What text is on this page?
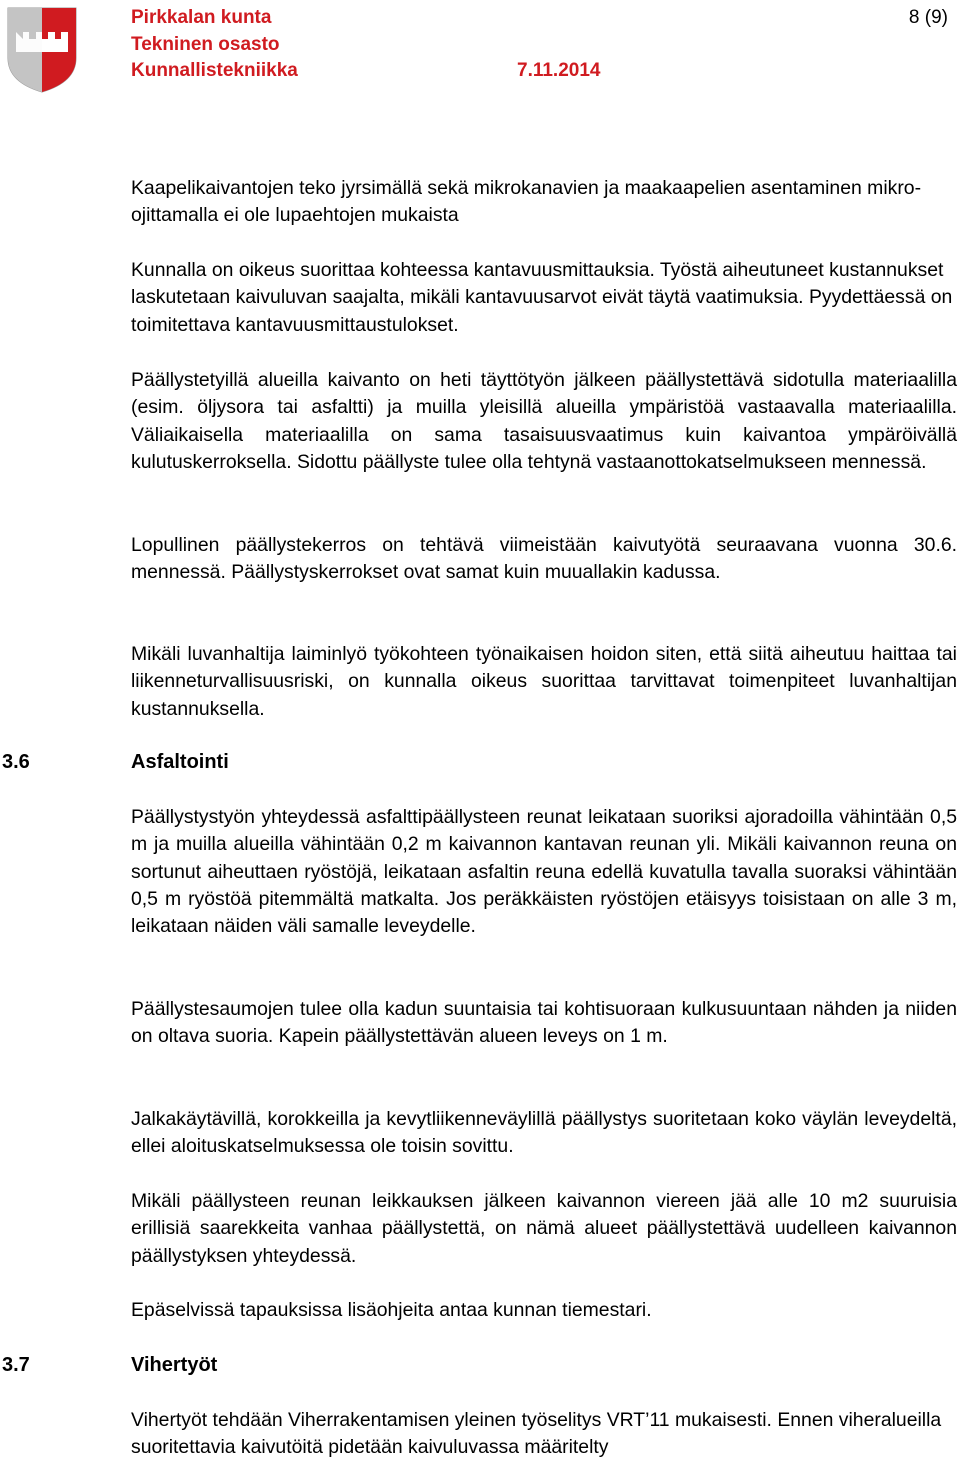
Pirkkalan kunta
Tekninen osasto
Kunnallistekniikka	7.11.2014
8 (9)

Kaapelikaivantojen teko jyrsimällä sekä mikrokanavien ja maakaapelien asentaminen mikro-ojittamalla ei ole lupaehtojen mukaista

Kunnalla on oikeus suorittaa kohteessa kantavuusmittauksia. Työstä aiheutuneet kustannukset laskutetaan kaivuluvan saajalta, mikäli kantavuusarvot eivät täytä vaatimuksia. Pyydettäessä on toimitettava kantavuusmittaustulokset.

Päällystetyillä alueilla kaivanto on heti täyttötyön jälkeen päällystettävä sidotulla materiaalilla (esim. öljysora tai asfaltti) ja muilla yleisillä alueilla ympäristöä vastaavalla materiaalilla. Väliaikaisella materiaalilla on sama tasaisuusvaatimus kuin kaivantoa ympäröivällä kulutuskerroksella. Sidottu päällyste tulee olla tehtynä vastaanottokatselmukseen mennessä.

Lopullinen päällystekerros on tehtävä viimeistään kaivutyötä seuraavana vuonna 30.6. mennessä. Päällystyskerrokset ovat samat kuin muuallakin kadussa.

Mikäli luvanhaltija laiminlyö työkohteen työnaikaisen hoidon siten, että siitä aiheutuu haittaa tai liikenneturvallisuusriski, on kunnalla oikeus suorittaa tarvittavat toimenpiteet luvanhaltijan kustannuksella.

3.6	Asfaltointi

Päällystystyön yhteydessä asfalttipäällysteen reunat leikataan suoriksi ajoradoilla vähintään 0,5 m ja muilla alueilla vähintään 0,2 m kaivannon kantavan reunan yli. Mikäli kaivannon reuna on sortunut aiheuttaen ryöstöjä, leikataan asfaltin reuna edellä kuvatulla tavalla suoraksi vähintään 0,5 m ryöstöä pitemmältä matkalta. Jos peräkkäisten ryöstöjen etäisyys toisistaan on alle 3 m, leikataan näiden väli samalle leveydelle.

Päällystesaumojen tulee olla kadun suuntaisia tai kohtisuoraan kulkusuuntaan nähden ja niiden on oltava suoria. Kapein päällystettävän alueen leveys on 1 m.

Jalkakäytävillä, korokkeilla ja kevytliikenneväylillä päällystys suoritetaan koko väylän leveydeltä, ellei aloituskatselmuksessa ole toisin sovittu.

Mikäli päällysteen reunan leikkauksen jälkeen kaivannon viereen jää alle 10 m2 suuruisia erillisiä saarekkeita vanhaa päällystettä, on nämä alueet päällystettävä uudelleen kaivannon päällystyksen yhteydessä.

Epäselvissä tapauksissa lisäohjeita antaa kunnan tiemestari.

3.7	Vihertyöt

Vihertyöt tehdään Viherrakentamisen yleinen työselitys VRT’11 mukaisesti. Ennen viheralueilla suoritettavia kaivutöitä pidetään kaivuluvassa määritelty
